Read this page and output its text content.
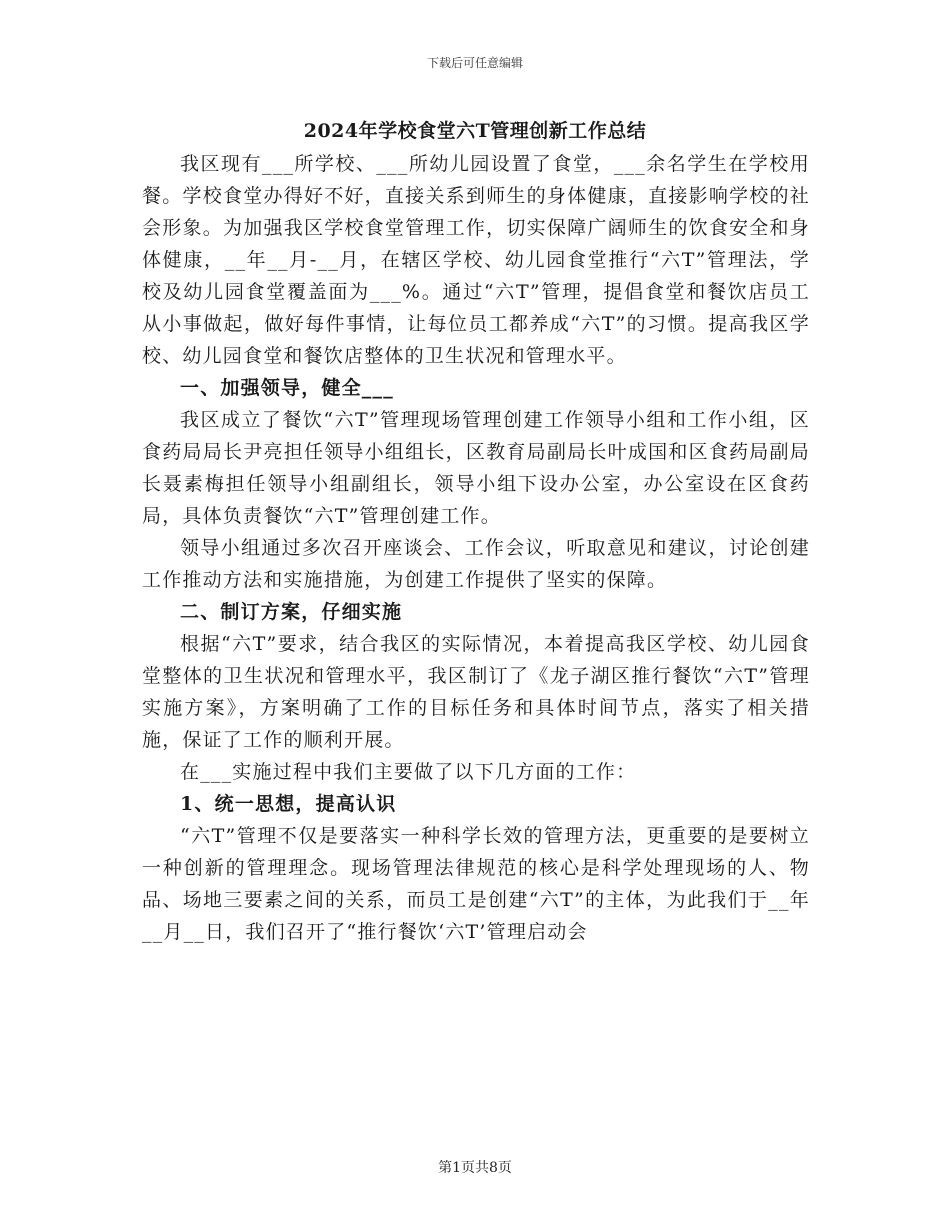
下载后可任意编辑
2024年学校食堂六T管理创新工作总结

我区现有___所学校、___所幼儿园设置了食堂，___余名学生在学校用餐。学校食堂办得好不好，直接关系到师生的身体健康，直接影响学校的社会形象。为加强我区学校食堂管理工作，切实保障广阔师生的饮食安全和身体健康，__年__月-__月，在辖区学校、幼儿园食堂推行“六T”管理法，学校及幼儿园食堂覆盖面为___%。通过“六T”管理，提倡食堂和餐饮店员工从小事做起，做好每件事情，让每位员工都养成“六T”的习惯。提高我区学校、幼儿园食堂和餐饮店整体的卫生状况和管理水平。

一、加强领导，健全___

我区成立了餐饮“六T”管理现场管理创建工作领导小组和工作小组，区食药局局长尹亮担任领导小组组长，区教育局副局长叶成国和区食药局副局长聂素梅担任领导小组副组长，领导小组下设办公室，办公室设在区食药局，具体负责餐饮“六T”管理创建工作。

领导小组通过多次召开座谈会、工作会议，听取意见和建议，讨论创建工作推动方法和实施措施，为创建工作提供了坚实的保障。

二、制订方案，仔细实施

根据“六T”要求，结合我区的实际情况，本着提高我区学校、幼儿园食堂整体的卫生状况和管理水平，我区制订了《龙子湖区推行餐饮“六T”管理实施方案》，方案明确了工作的目标任务和具体时间节点，落实了相关措施，保证了工作的顺利开展。

在___实施过程中我们主要做了以下几方面的工作：

1、统一思想，提高认识

“六T”管理不仅是要落实一种科学长效的管理方法，更重要的是要树立一种创新的管理理念。现场管理法律规范的核心是科学处理现场的人、物品、场地三要素之间的关系，而员工是创建“六T”的主体，为此我们于__年__月__日，我们召开了“推行餐饮‘六T’管理启动会

第1页共8页
